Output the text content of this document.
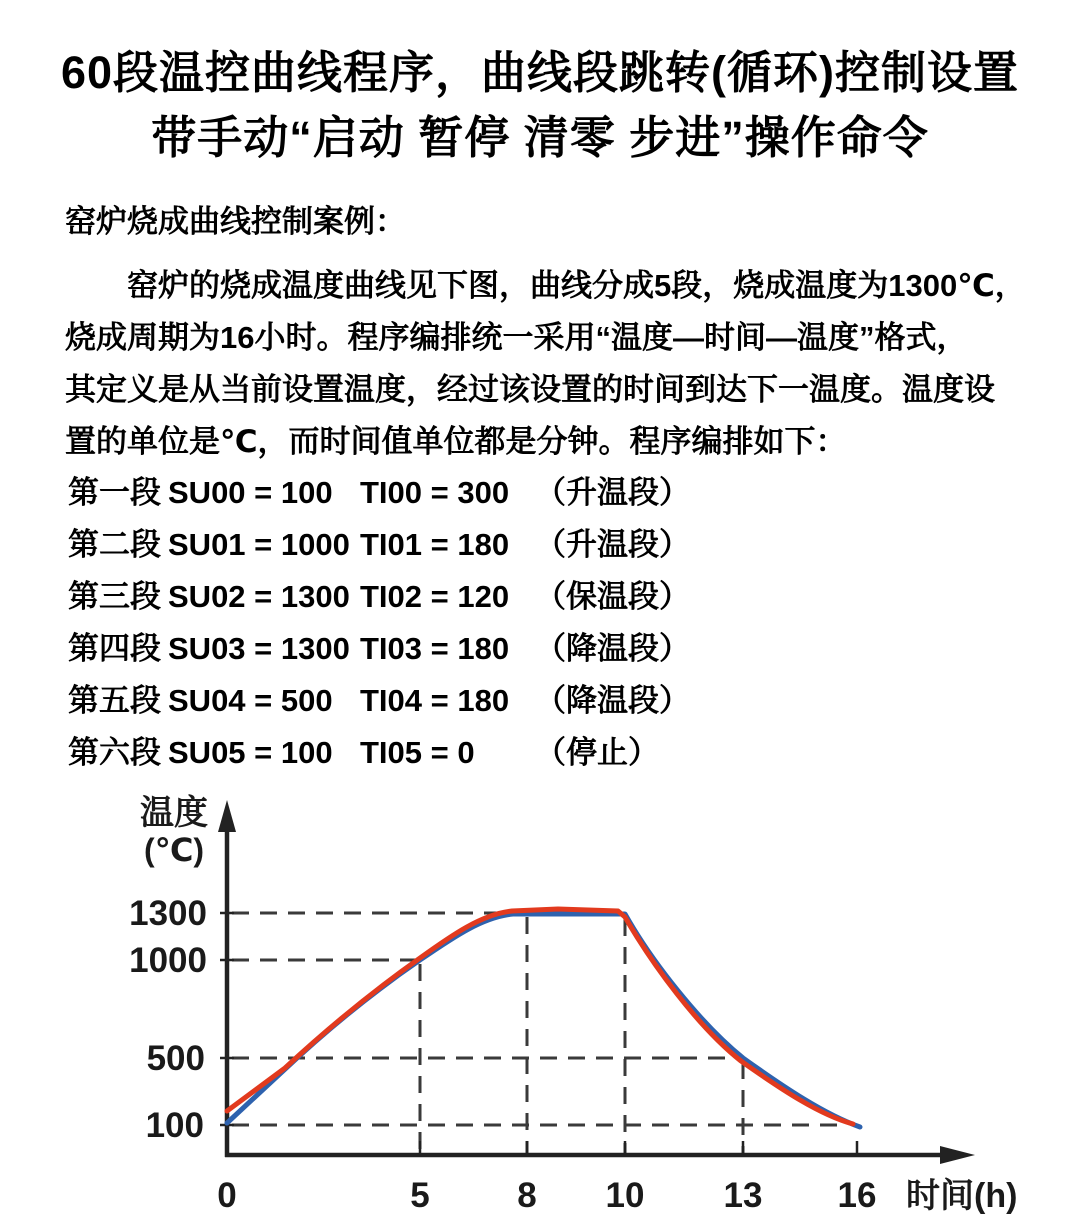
60段温控曲线程序，曲线段跳转(循环)控制设置
带手动“启动 暂停 清零 步进”操作命令
窑炉烧成曲线控制案例：
　　窑炉的烧成温度曲线见下图，曲线分成5段，烧成温度为1300℃，
烧成周期为16小时。程序编排统一采用“温度—时间—温度”格式，
其定义是从当前设置温度，经过该设置的时间到达下一温度。温度设
置的单位是℃，而时间值单位都是分钟。程序编排如下：
第一段 SU00 = 100 TI00 = 300 （升温段）
第二段 SU01 = 1000 TI01 = 180 （升温段）
第三段 SU02 = 1300 TI02 = 120 （保温段）
第四段 SU03 = 1300 TI03 = 180 （降温段）
第五段 SU04 = 500 TI04 = 180 （降温段）
第六段 SU05 = 100 TI05 = 0	（停止）
温度
(℃)
1300
1000
500
100
0	5	8 10 13 16 时间(h)
